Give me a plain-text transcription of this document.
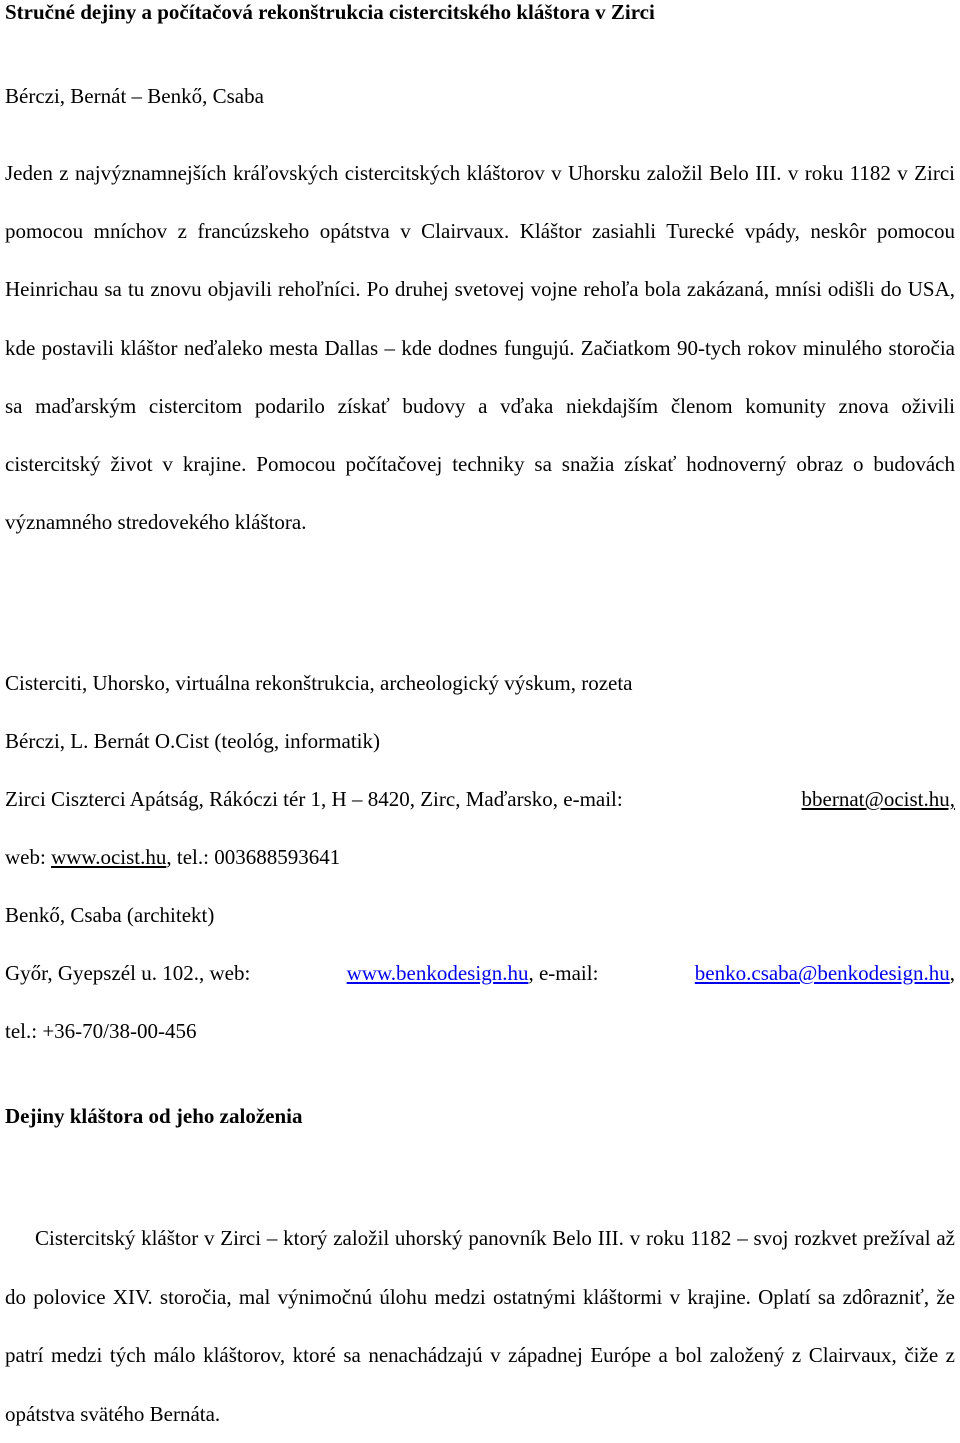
Stručné dejiny a počítačová rekonštrukcia cistercitského kláštora v Zirci
Bérczi, Bernát – Benkő, Csaba
Jeden z najvýznamnejších kráľovských cistercitských kláštorov v Uhorsku založil Belo III. v roku 1182 v Zirci pomocou mníchov z francúzskeho opátstva v Clairvaux. Kláštor zasiahli Turecké vpády, neskôr pomocou Heinrichau sa tu znovu objavili rehoľníci. Po druhej svetovej vojne rehoľa bola zakázaná, mnísi odišli do USA, kde postavili kláštor neďaleko mesta Dallas – kde dodnes fungujú. Začiatkom 90-tych rokov minulého storočia sa maďarským cistercitom podarilo získať budovy a vďaka niekdajším členom komunity znova oživili cistercitský život v krajine. Pomocou počítačovej techniky sa snažia získať hodnoverný obraz o budovách významného stredovekého kláštora.
Cisterciti, Uhorsko, virtuálna rekonštrukcia, archeologický výskum, rozeta
Bérczi, L. Bernát O.Cist (teológ, informatik)
Zirci Ciszterci Apátság, Rákóczi tér 1, H – 8420, Zirc, Maďarsko, e-mail:	bbernat@ocist.hu,
web: www.ocist.hu, tel.: 003688593641
Benkő, Csaba (architekt)
Győr, Gyepszél u. 102., web:	www.benkodesign.hu, e-mail:	benko.csaba@benkodesign.hu,
tel.: +36-70/38-00-456
Dejiny kláštora od jeho založenia
Cistercitský kláštor v Zirci – ktorý založil uhorský panovník Belo III. v roku 1182 – svoj rozkvet prežíval až do polovice XIV. storočia, mal výnimočnú úlohu medzi ostatnými kláštormi v krajine. Oplatí sa zdôrazniť, že patrí medzi tých málo kláštorov, ktoré sa nenachádzajú v západnej Európe a bol založený z Clairvaux, čiže z opátstva svätého Bernáta.
